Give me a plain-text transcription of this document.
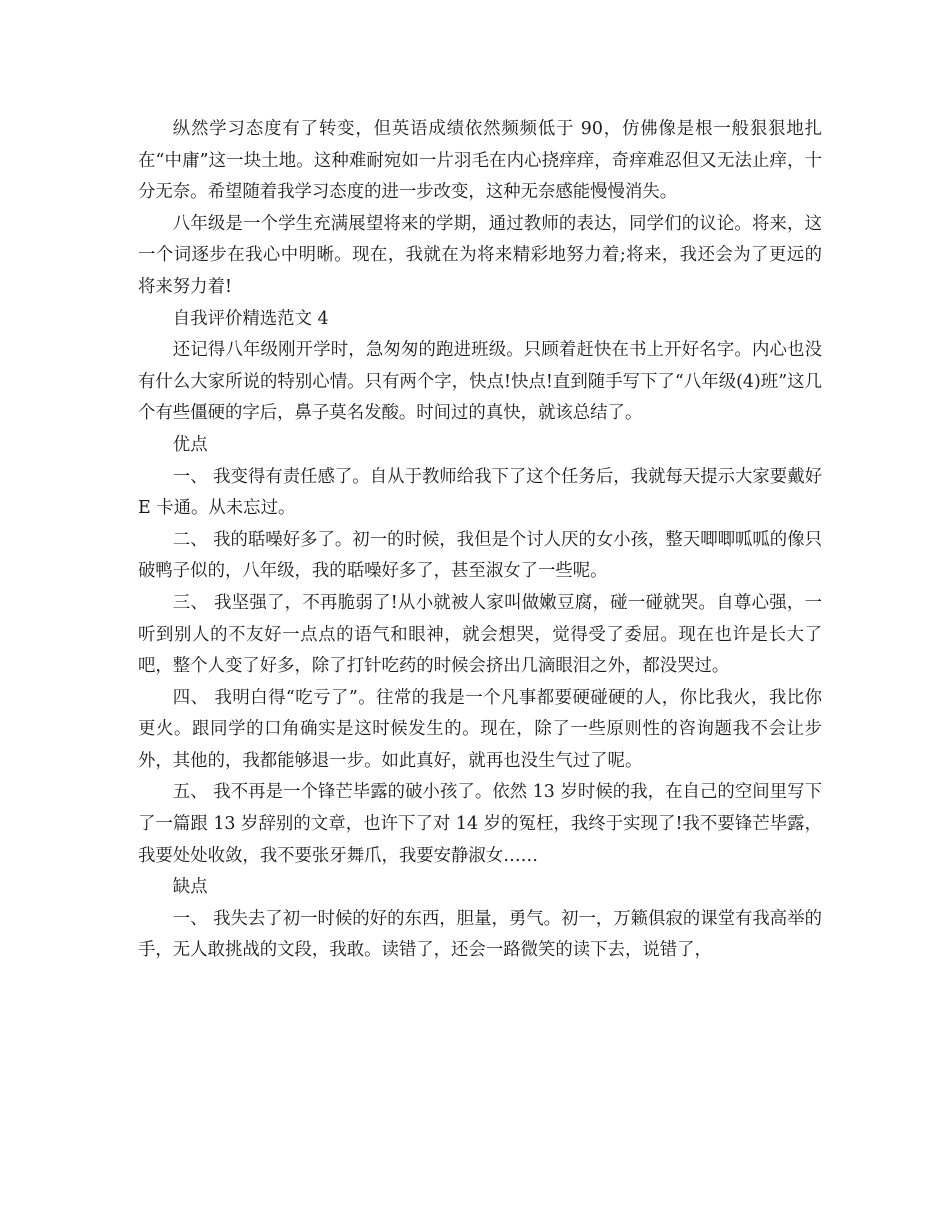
纵然学习态度有了转变，但英语成绩依然频频低于 90，仿佛像是根一般狠狠地扎在“中庸”这一块土地。这种难耐宛如一片羽毛在内心挠痒痒，奇痒难忍但又无法止痒，十分无奈。希望随着我学习态度的进一步改变，这种无奈感能慢慢消失。

八年级是一个学生充满展望将来的学期，通过教师的表达，同学们的议论。将来，这一个词逐步在我心中明晰。现在，我就在为将来精彩地努力着;将来，我还会为了更远的将来努力着!

自我评价精选范文 4

还记得八年级刚开学时，急匆匆的跑进班级。只顾着赶快在书上开好名字。内心也没有什么大家所说的特别心情。只有两个字，快点!快点!直到随手写下了“八年级(4)班”这几个有些僵硬的字后，鼻子莫名发酸。时间过的真快，就该总结了。

优点

一、 我变得有责任感了。自从于教师给我下了这个任务后，我就每天提示大家要戴好 E 卡通。从未忘过。

二、 我的聒噪好多了。初一的时候，我但是个讨人厌的女小孩，整天唧唧呱呱的像只破鸭子似的，八年级，我的聒噪好多了，甚至淑女了一些呢。

三、 我坚强了，不再脆弱了!从小就被人家叫做嫩豆腐，碰一碰就哭。自尊心强，一听到别人的不友好一点点的语气和眼神，就会想哭，觉得受了委屈。现在也许是长大了吧，整个人变了好多，除了打针吃药的时候会挤出几滴眼泪之外，都没哭过。

四、 我明白得“吃亏了”。往常的我是一个凡事都要硬碰硬的人，你比我火，我比你更火。跟同学的口角确实是这时候发生的。现在，除了一些原则性的咨询题我不会让步外，其他的，我都能够退一步。如此真好，就再也没生气过了呢。

五、 我不再是一个锋芒毕露的破小孩了。依然 13 岁时候的我，在自己的空间里写下了一篇跟 13 岁辞别的文章，也许下了对 14 岁的冤枉，我终于实现了!我不要锋芒毕露，我要处处收敛，我不要张牙舞爪，我要安静淑女……

缺点

一、 我失去了初一时候的好的东西，胆量，勇气。初一，万籁俱寂的课堂有我高举的手，无人敢挑战的文段，我敢。读错了，还会一路微笑的读下去，说错了，
